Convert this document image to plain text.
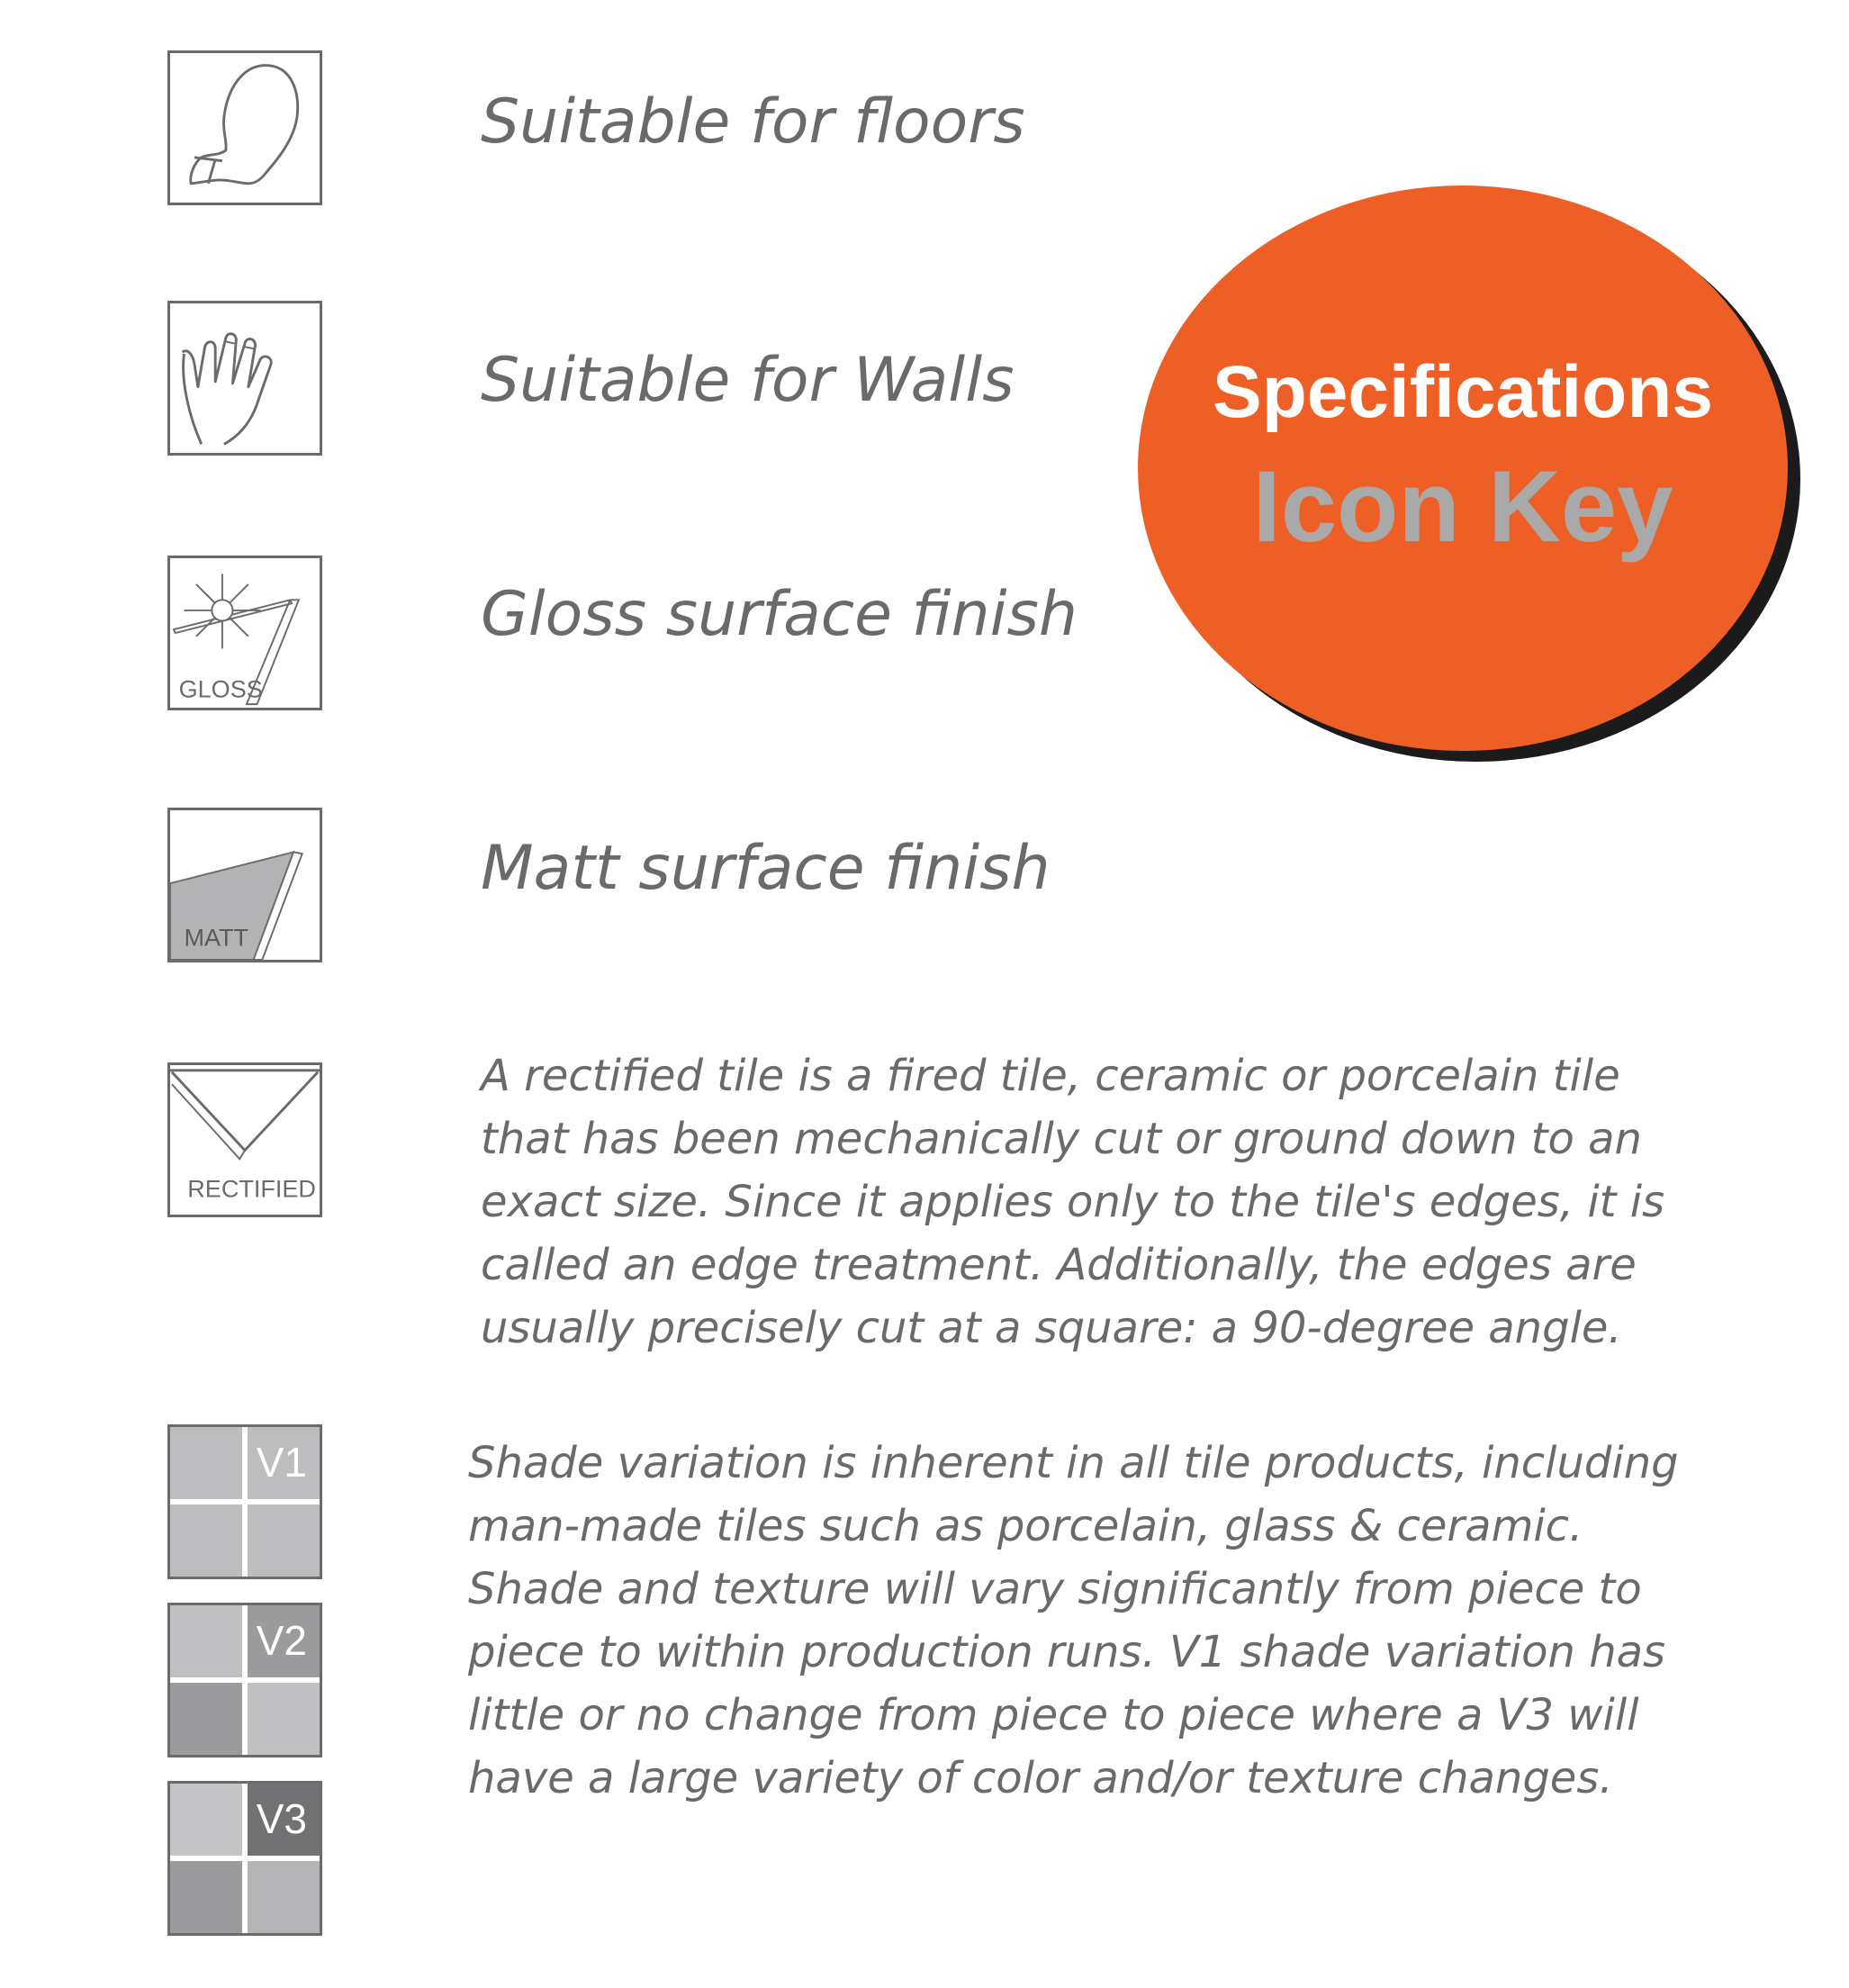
Specifications
Icon Key
Suitable for floors
Suitable for Walls
GLOSS
Gloss surface finish
MATT
Matt surface finish
RECTIFIED
A rectified tile is a fired tile, ceramic or porcelain tile
that has been mechanically cut or ground down to an
exact size. Since it applies only to the tile's edges, it is
called an edge treatment. Additionally, the edges are
usually precisely cut at a square: a 90-degree angle.
V1
V2
V3
Shade variation is inherent in all tile products, including
man-made tiles such as porcelain, glass & ceramic.
Shade and texture will vary significantly from piece to
piece to within production runs. V1 shade variation has
little or no change from piece to piece where a V3 will
have a large variety of color and/or texture changes.
